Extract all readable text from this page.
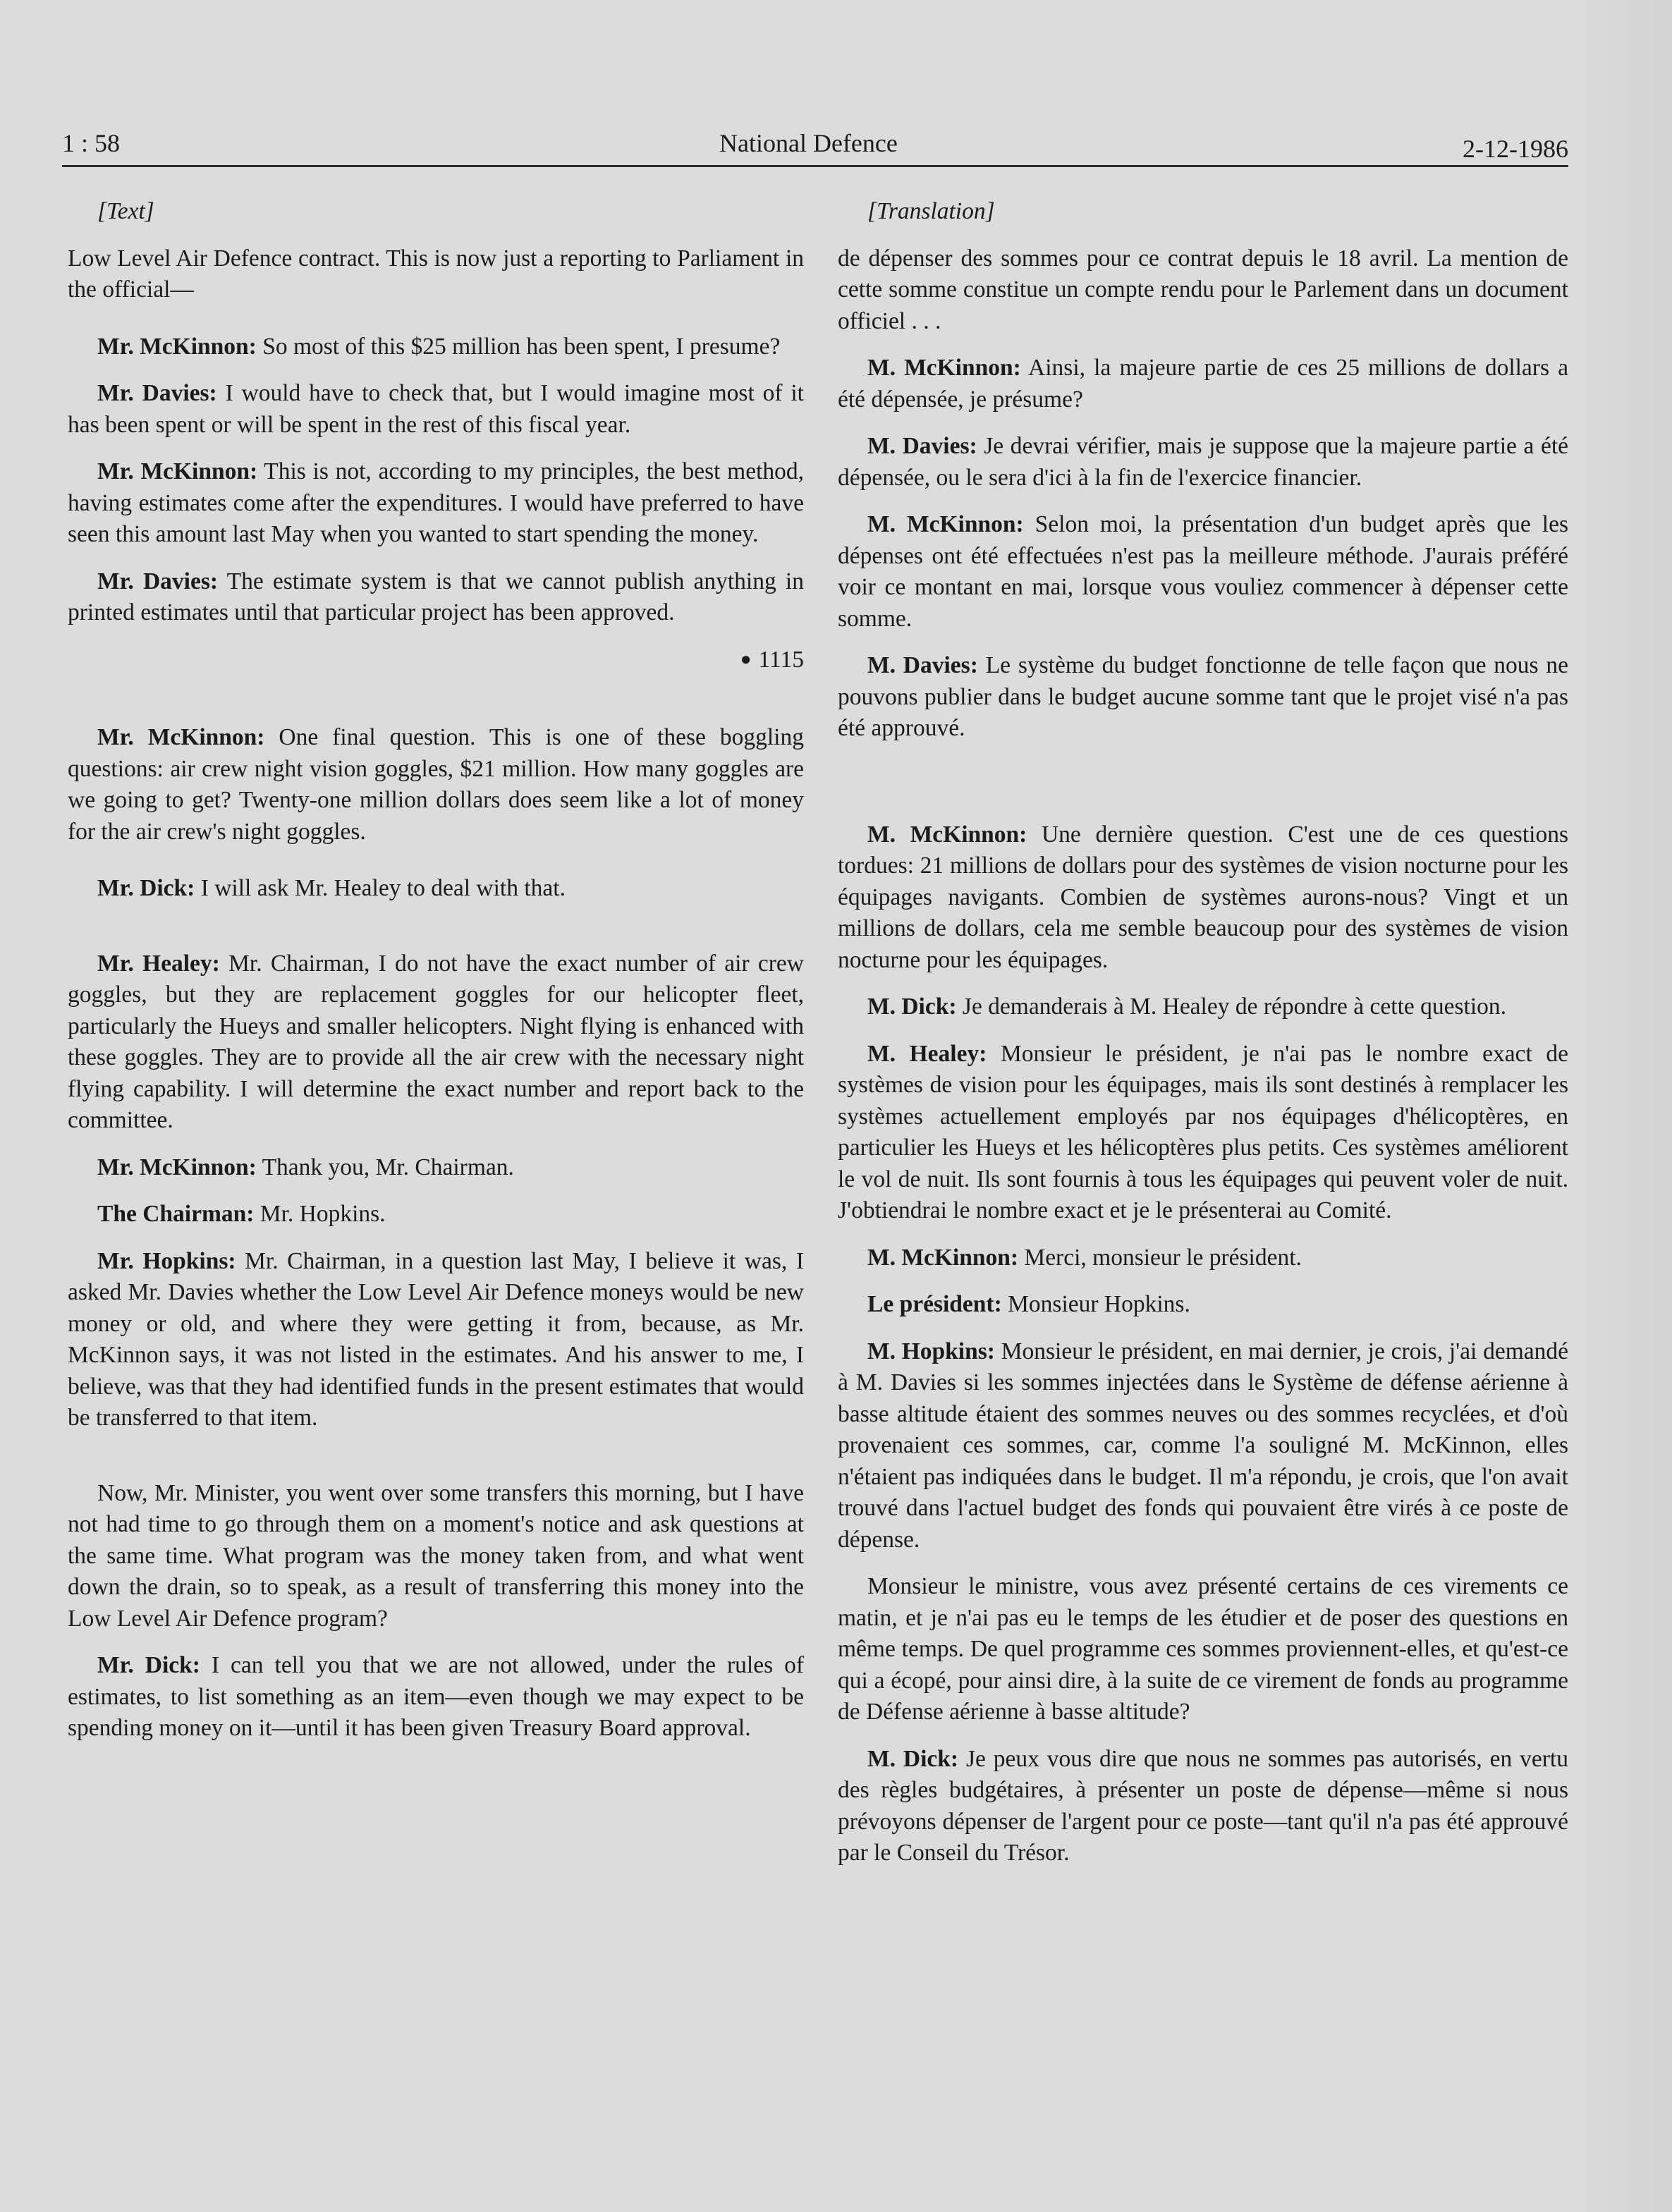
1 : 58	National Defence	2-12-1986

[Text]

Low Level Air Defence contract. This is now just a reporting to Parliament in the official—

Mr. McKinnon: So most of this $25 million has been spent, I presume?

Mr. Davies: I would have to check that, but I would imagine most of it has been spent or will be spent in the rest of this fiscal year.

Mr. McKinnon: This is not, according to my principles, the best method, having estimates come after the expenditures. I would have preferred to have seen this amount last May when you wanted to start spending the money.

Mr. Davies: The estimate system is that we cannot publish anything in printed estimates until that particular project has been approved.

● 1115

Mr. McKinnon: One final question. This is one of these boggling questions: air crew night vision goggles, $21 million. How many goggles are we going to get? Twenty-one million dollars does seem like a lot of money for the air crew's night goggles.

Mr. Dick: I will ask Mr. Healey to deal with that.

Mr. Healey: Mr. Chairman, I do not have the exact number of air crew goggles, but they are replacement goggles for our helicopter fleet, particularly the Hueys and smaller helicopters. Night flying is enhanced with these goggles. They are to provide all the air crew with the necessary night flying capability. I will determine the exact number and report back to the committee.

Mr. McKinnon: Thank you, Mr. Chairman.

The Chairman: Mr. Hopkins.

Mr. Hopkins: Mr. Chairman, in a question last May, I believe it was, I asked Mr. Davies whether the Low Level Air Defence moneys would be new money or old, and where they were getting it from, because, as Mr. McKinnon says, it was not listed in the estimates. And his answer to me, I believe, was that they had identified funds in the present estimates that would be transferred to that item.

Now, Mr. Minister, you went over some transfers this morning, but I have not had time to go through them on a moment's notice and ask questions at the same time. What program was the money taken from, and what went down the drain, so to speak, as a result of transferring this money into the Low Level Air Defence program?

Mr. Dick: I can tell you that we are not allowed, under the rules of estimates, to list something as an item—even though we may expect to be spending money on it—until it has been given Treasury Board approval.

[Translation]

de dépenser des sommes pour ce contrat depuis le 18 avril. La mention de cette somme constitue un compte rendu pour le Parlement dans un document officiel . . .

M. McKinnon: Ainsi, la majeure partie de ces 25 millions de dollars a été dépensée, je présume?

M. Davies: Je devrai vérifier, mais je suppose que la majeure partie a été dépensée, ou le sera d'ici à la fin de l'exercice financier.

M. McKinnon: Selon moi, la présentation d'un budget après que les dépenses ont été effectuées n'est pas la meilleure méthode. J'aurais préféré voir ce montant en mai, lorsque vous vouliez commencer à dépenser cette somme.

M. Davies: Le système du budget fonctionne de telle façon que nous ne pouvons publier dans le budget aucune somme tant que le projet visé n'a pas été approuvé.

M. McKinnon: Une dernière question. C'est une de ces questions tordues: 21 millions de dollars pour des systèmes de vision nocturne pour les équipages navigants. Combien de systèmes aurons-nous? Vingt et un millions de dollars, cela me semble beaucoup pour des systèmes de vision nocturne pour les équipages.

M. Dick: Je demanderais à M. Healey de répondre à cette question.

M. Healey: Monsieur le président, je n'ai pas le nombre exact de systèmes de vision pour les équipages, mais ils sont destinés à remplacer les systèmes actuellement employés par nos équipages d'hélicoptères, en particulier les Hueys et les hélicoptères plus petits. Ces systèmes améliorent le vol de nuit. Ils sont fournis à tous les équipages qui peuvent voler de nuit. J'obtiendrai le nombre exact et je le présenterai au Comité.

M. McKinnon: Merci, monsieur le président.

Le président: Monsieur Hopkins.

M. Hopkins: Monsieur le président, en mai dernier, je crois, j'ai demandé à M. Davies si les sommes injectées dans le Système de défense aérienne à basse altitude étaient des sommes neuves ou des sommes recyclées, et d'où provenaient ces sommes, car, comme l'a souligné M. McKinnon, elles n'étaient pas indiquées dans le budget. Il m'a répondu, je crois, que l'on avait trouvé dans l'actuel budget des fonds qui pouvaient être virés à ce poste de dépense.

Monsieur le ministre, vous avez présenté certains de ces virements ce matin, et je n'ai pas eu le temps de les étudier et de poser des questions en même temps. De quel programme ces sommes proviennent-elles, et qu'est-ce qui a écopé, pour ainsi dire, à la suite de ce virement de fonds au programme de Défense aérienne à basse altitude?

M. Dick: Je peux vous dire que nous ne sommes pas autorisés, en vertu des règles budgétaires, à présenter un poste de dépense—même si nous prévoyons dépenser de l'argent pour ce poste—tant qu'il n'a pas été approuvé par le Conseil du Trésor.
